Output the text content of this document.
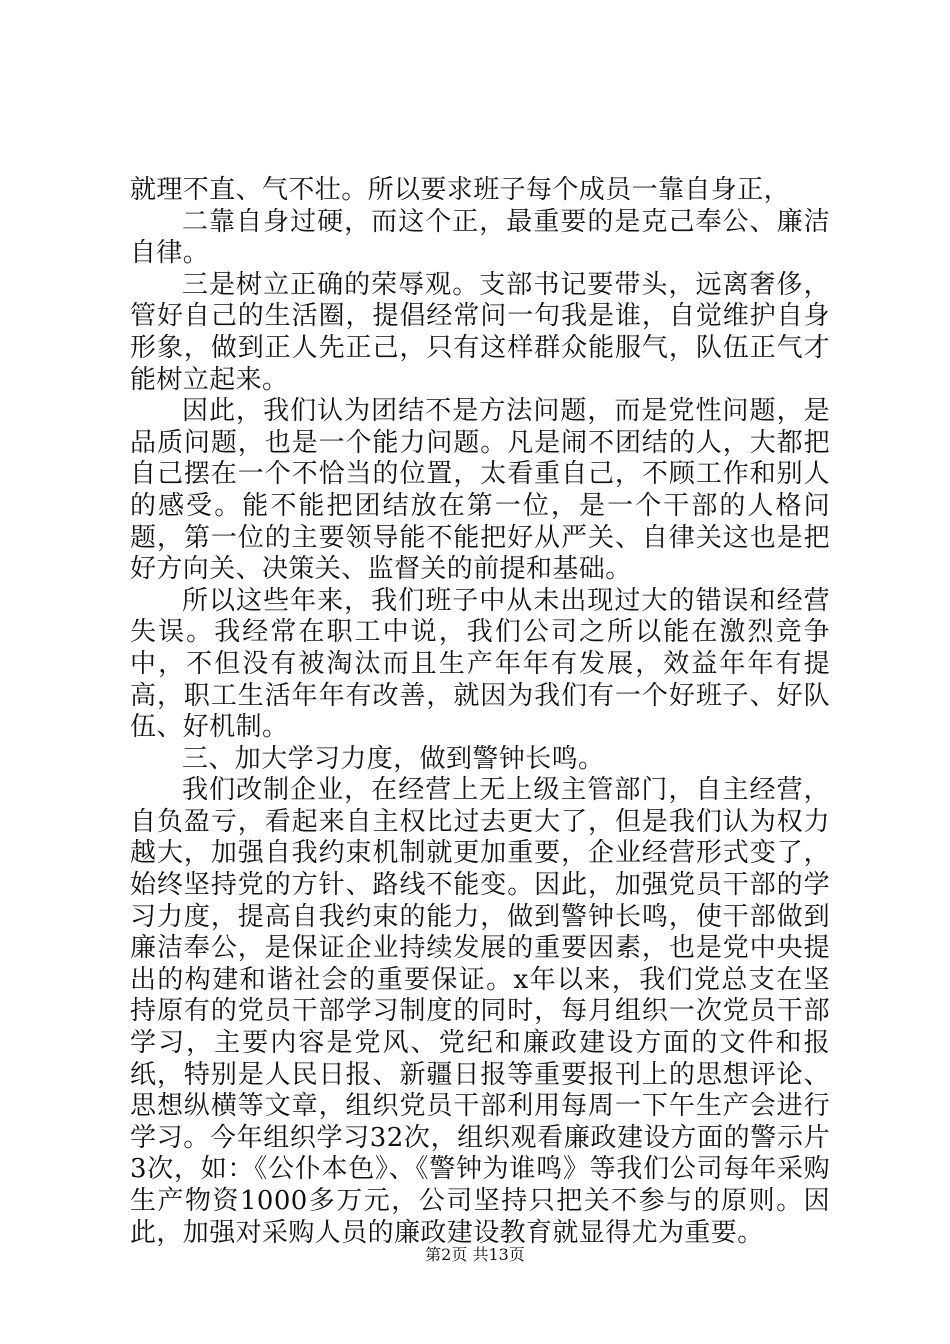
就理不直、气不壮。所以要求班子每个成员一靠自身正，

二靠自身过硬，而这个正，最重要的是克己奉公、廉洁自律。

三是树立正确的荣辱观。支部书记要带头，远离奢侈，管好自己的生活圈，提倡经常问一句我是谁，自觉维护自身形象，做到正人先正己，只有这样群众能服气，队伍正气才能树立起来。

因此，我们认为团结不是方法问题，而是党性问题，是品质问题，也是一个能力问题。凡是闹不团结的人，大都把自己摆在一个不恰当的位置，太看重自己，不顾工作和别人的感受。能不能把团结放在第一位，是一个干部的人格问题，第一位的主要领导能不能把好从严关、自律关这也是把好方向关、决策关、监督关的前提和基础。

所以这些年来，我们班子中从未出现过大的错误和经营失误。我经常在职工中说，我们公司之所以能在激烈竞争中，不但没有被淘汰而且生产年年有发展，效益年年有提高，职工生活年年有改善，就因为我们有一个好班子、好队伍、好机制。

三、加大学习力度，做到警钟长鸣。

我们改制企业，在经营上无上级主管部门，自主经营，自负盈亏，看起来自主权比过去更大了，但是我们认为权力越大，加强自我约束机制就更加重要，企业经营形式变了，始终坚持党的方针、路线不能变。因此，加强党员干部的学习力度，提高自我约束的能力，做到警钟长鸣，使干部做到廉洁奉公，是保证企业持续发展的重要因素，也是党中央提出的构建和谐社会的重要保证。x年以来，我们党总支在坚持原有的党员干部学习制度的同时，每月组织一次党员干部学习，主要内容是党风、党纪和廉政建设方面的文件和报纸，特别是人民日报、新疆日报等重要报刊上的思想评论、思想纵横等文章，组织党员干部利用每周一下午生产会进行学习。今年组织学习32次，组织观看廉政建设方面的警示片3次，如：《公仆本色》、《警钟为谁鸣》等我们公司每年采购生产物资1000多万元，公司坚持只把关不参与的原则。因此，加强对采购人员的廉政建设教育就显得尤为重要。

第2页 共13页
